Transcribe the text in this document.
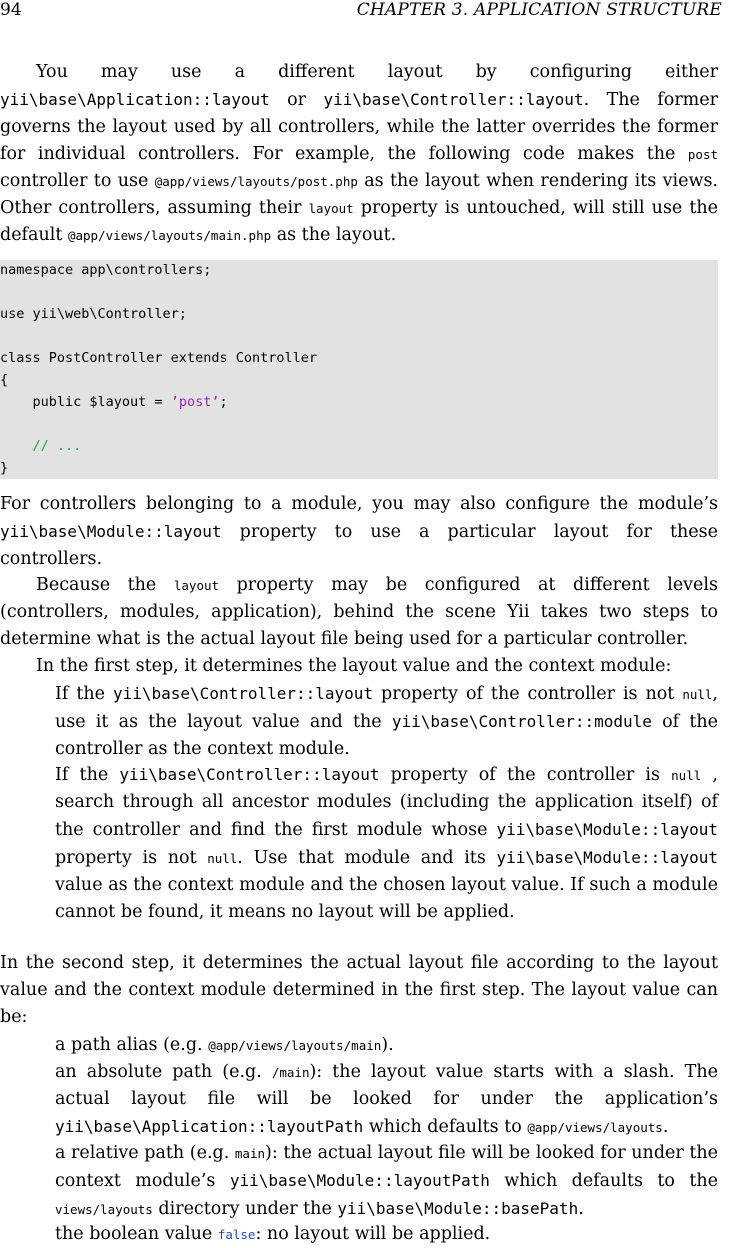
94	CHAPTER 3. APPLICATION STRUCTURE
You may use a different layout by configuring either yii\base\Application::layout or yii\base\Controller::layout. The former governs the layout used by all controllers, while the latter overrides the former for individual controllers. For example, the following code makes the post controller to use @app/views/layouts/post.php as the layout when rendering its views. Other controllers, assuming their layout property is untouched, will still use the default @app/views/layouts/main.php as the layout.
namespace app\controllers;
use yii\web\Controller;
class PostController extends Controller
{
public $layout = ’post’;
// ...
}
For controllers belonging to a module, you may also configure the module’s yii\base\Module::layout property to use a particular layout for these controllers.
Because the layout property may be configured at different levels (controllers, modules, application), behind the scene Yii takes two steps to determine what is the actual layout file being used for a particular controller.
In the first step, it determines the layout value and the context module:
If the yii\base\Controller::layout property of the controller is not null, use it as the layout value and the yii\base\Controller::module of the controller as the context module.
If the yii\base\Controller::layout property of the controller is null , search through all ancestor modules (including the application itself) of the controller and find the first module whose yii\base\Module::layout property is not null. Use that module and its yii\base\Module::layout value as the context module and the chosen layout value. If such a module cannot be found, it means no layout will be applied.
In the second step, it determines the actual layout file according to the layout value and the context module determined in the first step. The layout value can be:
a path alias (e.g. @app/views/layouts/main).
an absolute path (e.g. /main): the layout value starts with a slash. The actual layout file will be looked for under the application’s yii\base\Application::layoutPath which defaults to @app/views/layouts.
a relative path (e.g. main): the actual layout file will be looked for under the context module’s yii\base\Module::layoutPath which defaults to the views/layouts directory under the yii\base\Module::basePath.
the boolean value false: no layout will be applied.
